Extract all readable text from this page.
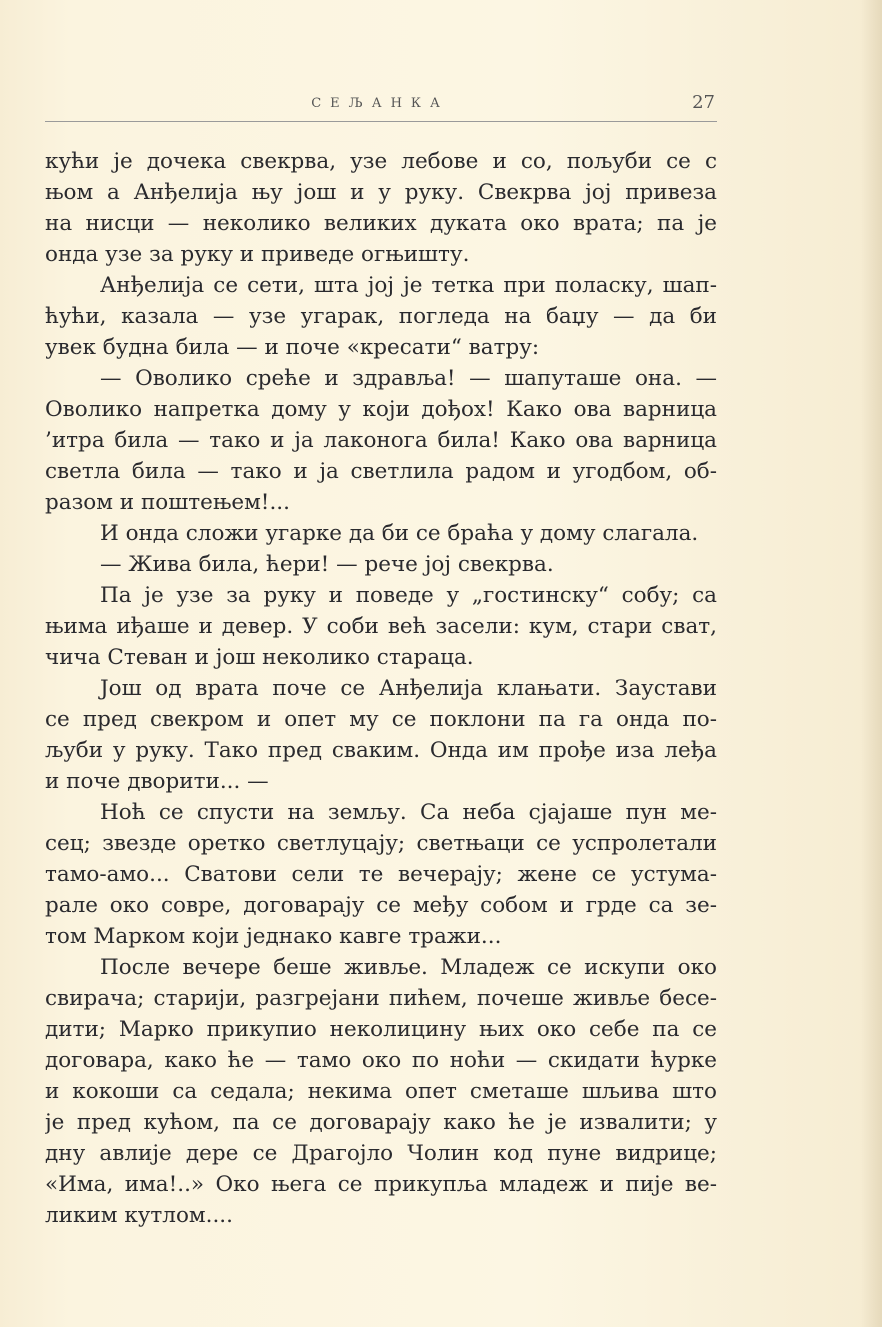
СЕЉАНКА	27
кући је дочека свекрва, узе лебове и со, пољуби се с
њом а Анђелија њу још и у руку. Свекрва јој привеза
на нисци — неколико великих дуката око врата; па је
онда узе за руку и приведе огњишту.
Анђелија се сети, шта јој је тетка при поласку, шап-
ћући, казала — узе угарак, погледа на баџу — да би
увек будна била — и поче «кресати“ ватру:
— Оволико среће и здравља! — шапуташе она. —
Оволико напретка дому у који дођох! Како ова варница
’итра била — тако и ја лаконога била! Како ова варница
светла била — тако и ја светлила радом и угодбом, об-
разом и поштењем!...
И онда сложи угарке да би се браћа у дому слагала.
— Жива била, ћери! — рече јој свекрва.
Па је узе за руку и поведе у „гостинску“ собу; са
њима иђаше и девер. У соби већ засели: кум, стари сват,
чича Стеван и још неколико стараца.
Још од врата поче се Анђелија клањати. Заустави
се пред свекром и опет му се поклони па га онда по-
љуби у руку. Тако пред сваким. Онда им прође иза леђа
и поче дворити... —
Ноћ се спусти на земљу. Са неба сјајаше пун ме-
сец; звезде оретко светлуцају; светњаци се успролетали
тамо-амо... Сватови сели те вечерају; жене се устума-
рале око совре, договарају се међу собом и грде са зе-
том Марком који једнако кавге тражи...
После вечере беше живље. Младеж се искупи око
свирача; старији, разгрејани пићем, почеше живље бесе-
дити; Марко прикупио неколицину њих око себе па се
договара, како ће — тамо око по ноћи — скидати ћурке
и кокоши са седала; некима опет сметаше шљива што
је пред кућом, па се договарају како ће је извалити; у
дну авлије дере се Драгојло Чолин код пуне видрице;
«Има, има!..» Око њега се прикупља младеж и пије ве-
ликим кутлом....
